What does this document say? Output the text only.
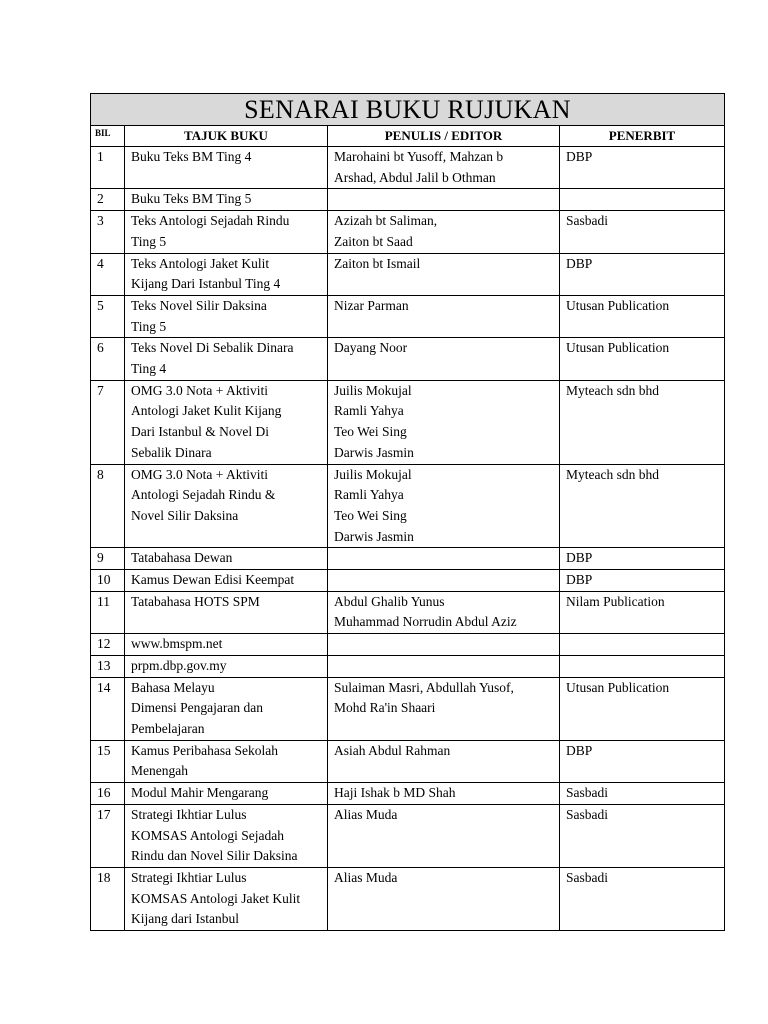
SENARAI BUKU RUJUKAN			
BIL	TAJUK BUKU	PENULIS / EDITOR	PENERBIT
1	Buku Teks BM Ting 4	Marohaini bt Yusoff, Mahzan b
Arshad, Abdul Jalil b Othman	DBP

2	Buku Teks BM Ting 5		

3	Teks Antologi Sejadah Rindu
Ting 5	Azizah bt Saliman,
Zaiton bt Saad	Sasbadi

4	Teks Antologi Jaket Kulit
Kijang Dari Istanbul Ting 4	Zaiton bt Ismail	DBP

5	Teks Novel Silir Daksina
Ting 5	Nizar Parman	Utusan Publication

6	Teks Novel Di Sebalik Dinara
Ting 4	Dayang Noor	Utusan Publication

7	OMG 3.0 Nota + Aktiviti
Antologi Jaket Kulit Kijang
Dari Istanbul & Novel Di
Sebalik Dinara	Juilis Mokujal
Ramli Yahya
Teo Wei Sing
Darwis Jasmin	Myteach sdn bhd

8	OMG 3.0 Nota + Aktiviti
Antologi Sejadah Rindu &
Novel Silir Daksina	Juilis Mokujal
Ramli Yahya
Teo Wei Sing
Darwis Jasmin	Myteach sdn bhd

9	Tatabahasa Dewan		DBP

10	Kamus Dewan Edisi Keempat		DBP

11	Tatabahasa HOTS SPM	Abdul Ghalib Yunus
Muhammad Norrudin Abdul Aziz	Nilam Publication

12	www.bmspm.net		

13	prpm.dbp.gov.my		

14	Bahasa Melayu
Dimensi Pengajaran dan
Pembelajaran	Sulaiman Masri, Abdullah Yusof,
Mohd Ra'in Shaari	Utusan Publication

15	Kamus Peribahasa Sekolah
Menengah	Asiah Abdul Rahman	DBP

16	Modul Mahir Mengarang	Haji Ishak b MD Shah	Sasbadi

17	Strategi Ikhtiar Lulus
KOMSAS Antologi Sejadah
Rindu dan Novel Silir Daksina	Alias Muda	Sasbadi

18	Strategi Ikhtiar Lulus
KOMSAS Antologi Jaket Kulit
Kijang dari Istanbul	Alias Muda	Sasbadi
